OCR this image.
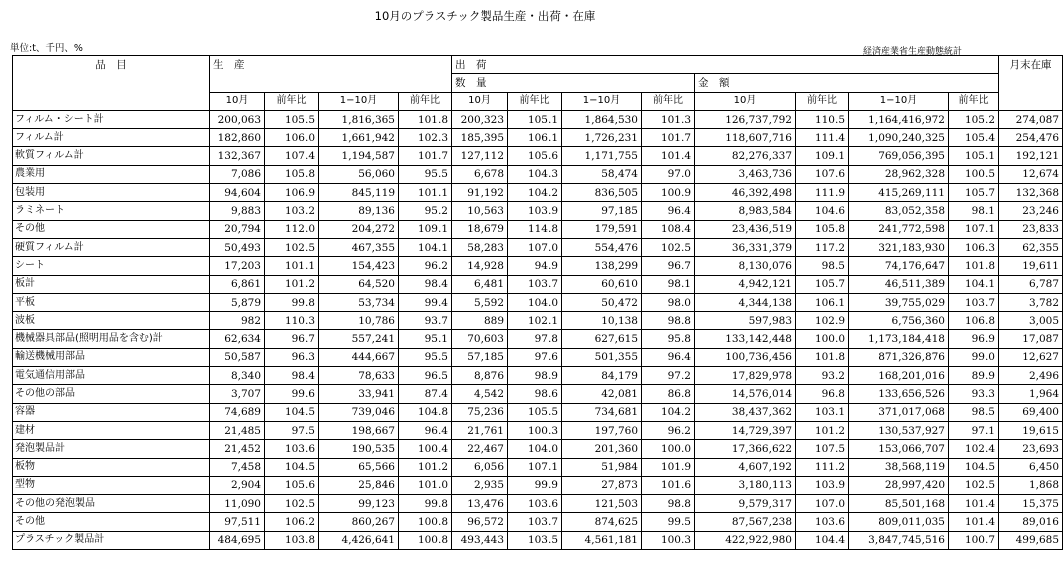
10月のプラスチック製品生産・出荷・在庫
単位:t、千円、%	経済産業省生産動態統計
品　目	生　産				出　荷								月末在庫
					数　量				金　額				
	10月	前年比	1−10月	前年比	10月	前年比	1−10月	前年比	10月	前年比	1−10月	前年比	
フィルム・シート計	200,063	105.5	1,816,365	101.8	200,323	105.1	1,864,530	101.3	126,737,792	110.5	1,164,416,972	105.2	274,087
フィルム計	182,860	106.0	1,661,942	102.3	185,395	106.1	1,726,231	101.7	118,607,716	111.4	1,090,240,325	105.4	254,476
軟質フィルム計	132,367	107.4	1,194,587	101.7	127,112	105.6	1,171,755	101.4	82,276,337	109.1	769,056,395	105.1	192,121
農業用	7,086	105.8	56,060	95.5	6,678	104.3	58,474	97.0	3,463,736	107.6	28,962,328	100.5	12,674
包装用	94,604	106.9	845,119	101.1	91,192	104.2	836,505	100.9	46,392,498	111.9	415,269,111	105.7	132,368
ラミネート	9,883	103.2	89,136	95.2	10,563	103.9	97,185	96.4	8,983,584	104.6	83,052,358	98.1	23,246
その他	20,794	112.0	204,272	109.1	18,679	114.8	179,591	108.4	23,436,519	105.8	241,772,598	107.1	23,833
硬質フィルム計	50,493	102.5	467,355	104.1	58,283	107.0	554,476	102.5	36,331,379	117.2	321,183,930	106.3	62,355
シート	17,203	101.1	154,423	96.2	14,928	94.9	138,299	96.7	8,130,076	98.5	74,176,647	101.8	19,611
板計	6,861	101.2	64,520	98.4	6,481	103.7	60,610	98.1	4,942,121	105.7	46,511,389	104.1	6,787
平板	5,879	99.8	53,734	99.4	5,592	104.0	50,472	98.0	4,344,138	106.1	39,755,029	103.7	3,782
波板	982	110.3	10,786	93.7	889	102.1	10,138	98.8	597,983	102.9	6,756,360	106.8	3,005
機械器具部品(照明用品を含む)計	62,634	96.7	557,241	95.1	70,603	97.8	627,615	95.8	133,142,448	100.0	1,173,184,418	96.9	17,087
輸送機械用部品	50,587	96.3	444,667	95.5	57,185	97.6	501,355	96.4	100,736,456	101.8	871,326,876	99.0	12,627
電気通信用部品	8,340	98.4	78,633	96.5	8,876	98.9	84,179	97.2	17,829,978	93.2	168,201,016	89.9	2,496
その他の部品	3,707	99.6	33,941	87.4	4,542	98.6	42,081	86.8	14,576,014	96.8	133,656,526	93.3	1,964
容器	74,689	104.5	739,046	104.8	75,236	105.5	734,681	104.2	38,437,362	103.1	371,017,068	98.5	69,400
建材	21,485	97.5	198,667	96.4	21,761	100.3	197,760	96.2	14,729,397	101.2	130,537,927	97.1	19,615
発泡製品計	21,452	103.6	190,535	100.4	22,467	104.0	201,360	100.0	17,366,622	107.5	153,066,707	102.4	23,693
板物	7,458	104.5	65,566	101.2	6,056	107.1	51,984	101.9	4,607,192	111.2	38,568,119	104.5	6,450
型物	2,904	105.6	25,846	101.0	2,935	99.9	27,873	101.6	3,180,113	103.9	28,997,420	102.5	1,868
その他の発泡製品	11,090	102.5	99,123	99.8	13,476	103.6	121,503	98.8	9,579,317	107.0	85,501,168	101.4	15,375
その他	97,511	106.2	860,267	100.8	96,572	103.7	874,625	99.5	87,567,238	103.6	809,011,035	101.4	89,016
プラスチック製品計	484,695	103.8	4,426,641	100.8	493,443	103.5	4,561,181	100.3	422,922,980	104.4	3,847,745,516	100.7	499,685
